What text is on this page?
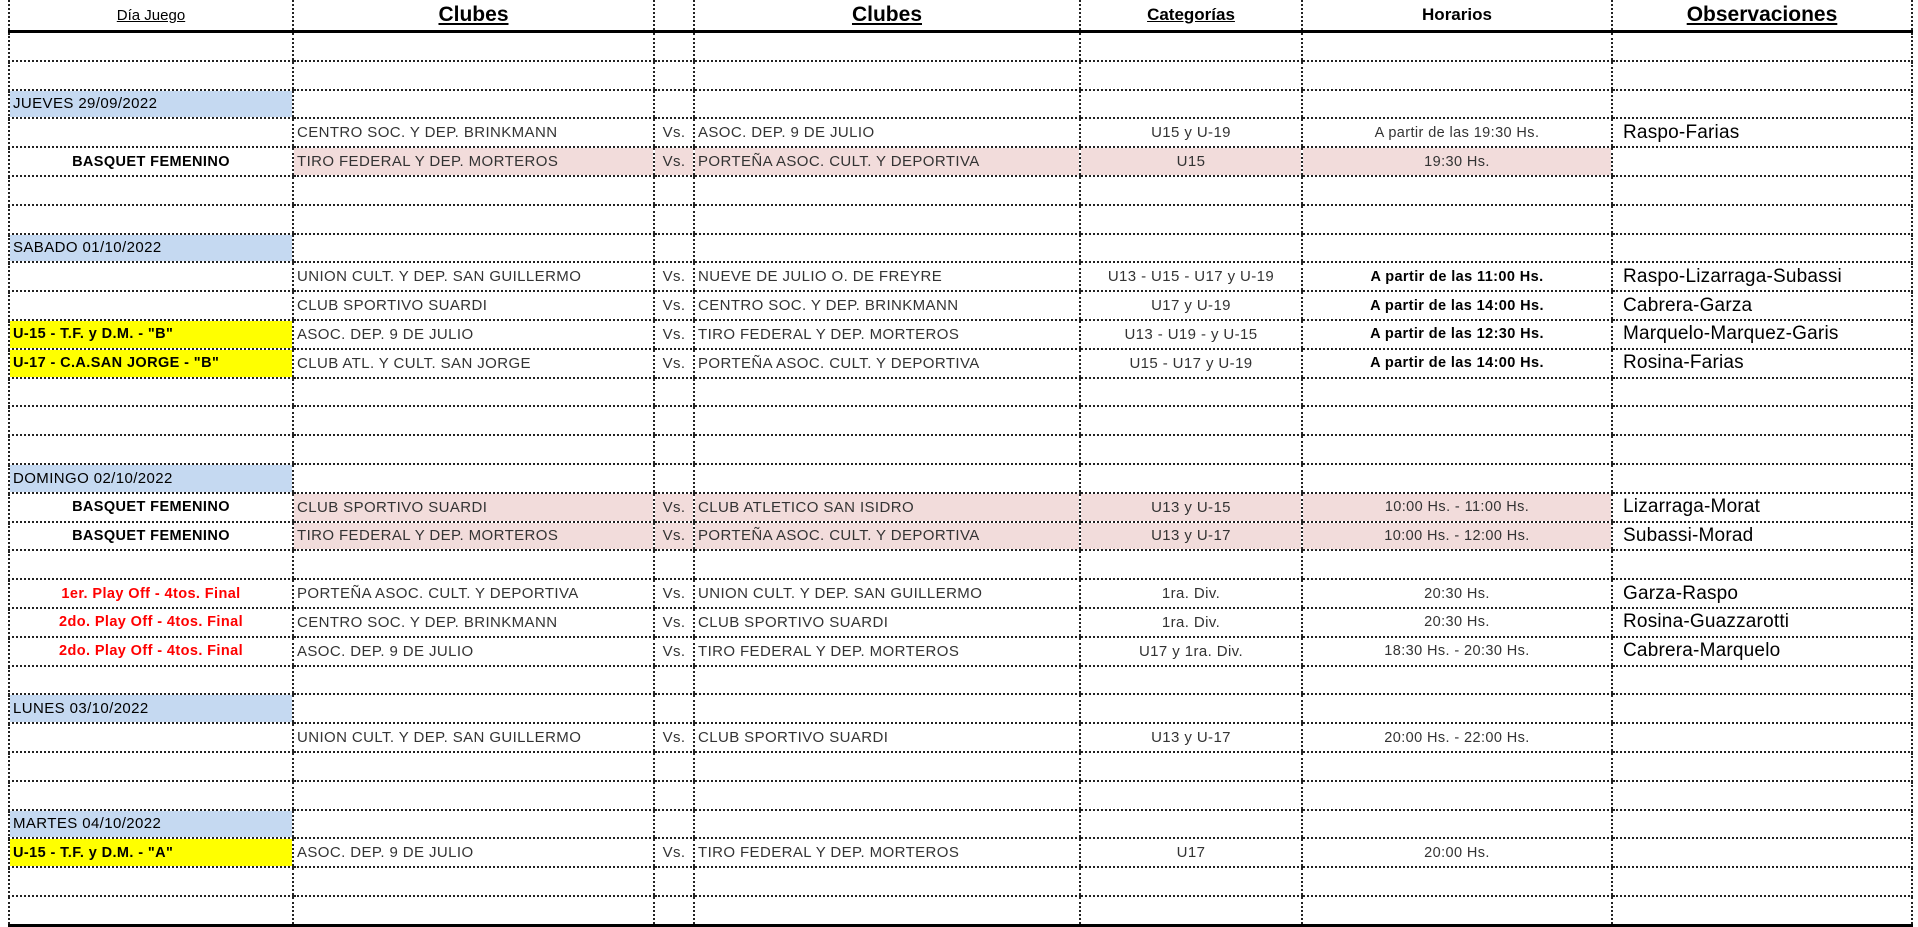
Día Juego	Clubes		Clubes	Categorías	Horarios	Observaciones

JUEVES 29/09/2022						
	CENTRO SOC. Y DEP. BRINKMANN	Vs.	ASOC. DEP. 9 DE JULIO	U15 y U-19	A partir de las 19:30 Hs.	Raspo-Farias
BASQUET FEMENINO	TIRO FEDERAL Y DEP. MORTEROS	Vs.	PORTEÑA ASOC. CULT. Y DEPORTIVA	U15	19:30 Hs.	

SABADO 01/10/2022						
	UNION CULT. Y DEP. SAN GUILLERMO	Vs.	NUEVE DE JULIO O. DE FREYRE	U13 - U15 - U17 y U-19	A partir de las 11:00 Hs.	Raspo-Lizarraga-Subassi
	CLUB SPORTIVO SUARDI	Vs.	CENTRO SOC. Y DEP. BRINKMANN	U17 y U-19	A partir de las 14:00 Hs.	Cabrera-Garza
U-15 - T.F. y D.M. - "B"	ASOC. DEP. 9 DE JULIO	Vs.	TIRO FEDERAL Y DEP. MORTEROS	U13 - U19 - y U-15	A partir de las 12:30 Hs.	Marquelo-Marquez-Garis
U-17 - C.A.SAN JORGE - "B"	CLUB ATL. Y CULT. SAN JORGE	Vs.	PORTEÑA ASOC. CULT. Y DEPORTIVA	U15 - U17 y U-19	A partir de las 14:00 Hs.	Rosina-Farias

DOMINGO 02/10/2022						
BASQUET FEMENINO	CLUB SPORTIVO SUARDI	Vs.	CLUB ATLETICO SAN ISIDRO	U13 y U-15	10:00 Hs. - 11:00 Hs.	Lizarraga-Morat
BASQUET FEMENINO	TIRO FEDERAL Y DEP. MORTEROS	Vs.	PORTEÑA ASOC. CULT. Y DEPORTIVA	U13 y U-17	10:00 Hs. - 12:00 Hs.	Subassi-Morad

1er. Play Off - 4tos. Final	PORTEÑA ASOC. CULT. Y DEPORTIVA	Vs.	UNION CULT. Y DEP. SAN GUILLERMO	1ra. Div.	20:30 Hs.	Garza-Raspo
2do. Play Off - 4tos. Final	CENTRO SOC. Y DEP. BRINKMANN	Vs.	CLUB SPORTIVO SUARDI	1ra. Div.	20:30 Hs.	Rosina-Guazzarotti
2do. Play Off - 4tos. Final	ASOC. DEP. 9 DE JULIO	Vs.	TIRO FEDERAL Y DEP. MORTEROS	U17 y 1ra. Div.	18:30 Hs. - 20:30 Hs.	Cabrera-Marquelo

LUNES 03/10/2022						
	UNION CULT. Y DEP. SAN GUILLERMO	Vs.	CLUB SPORTIVO SUARDI	U13 y U-17	20:00 Hs. - 22:00 Hs.	

MARTES 04/10/2022						
U-15 - T.F. y D.M. - "A"	ASOC. DEP. 9 DE JULIO	Vs.	TIRO FEDERAL Y DEP. MORTEROS	U17	20:00 Hs.	
